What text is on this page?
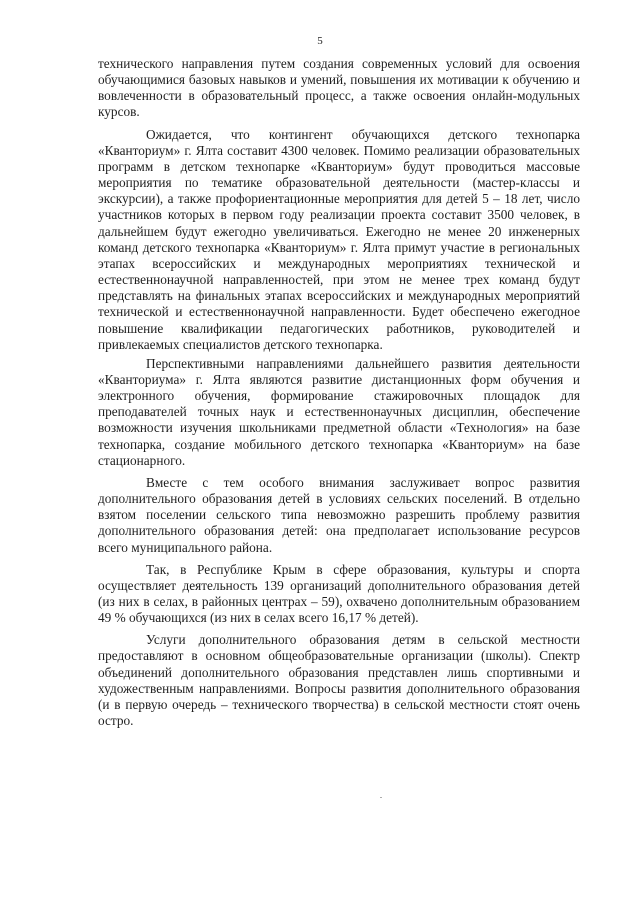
5

технического направления путем создания современных условий для освоения обучающимися базовых навыков и умений, повышения их мотивации к обучению и вовлеченности в образовательный процесс, а также освоения онлайн-модульных курсов.

Ожидается, что контингент обучающихся детского технопарка «Кванториум» г. Ялта составит 4300 человек. Помимо реализации образовательных программ в детском технопарке «Кванториум» будут проводиться массовые мероприятия по тематике образовательной деятельности (мастер-классы и экскурсии), а также профориентационные мероприятия для детей 5 – 18 лет, число участников которых в первом году реализации проекта составит 3500 человек, в дальнейшем будут ежегодно увеличиваться. Ежегодно не менее 20 инженерных команд детского технопарка «Кванториум» г. Ялта примут участие в региональных этапах всероссийских и международных мероприятиях технической и естественнонаучной направленностей, при этом не менее трех команд будут представлять на финальных этапах всероссийских и международных мероприятий технической и естественнонаучной направленности. Будет обеспечено ежегодное повышение квалификации педагогических работников, руководителей и привлекаемых специалистов детского технопарка.

Перспективными направлениями дальнейшего развития деятельности «Кванториума» г. Ялта являются развитие дистанционных форм обучения и электронного обучения, формирование стажировочных площадок для преподавателей точных наук и естественнонаучных дисциплин, обеспечение возможности изучения школьниками предметной области «Технология» на базе технопарка, создание мобильного детского технопарка «Кванториум» на базе стационарного.

Вместе с тем особого внимания заслуживает вопрос развития дополнительного образования детей в условиях сельских поселений. В отдельно взятом поселении сельского типа невозможно разрешить проблему развития дополнительного образования детей: она предполагает использование ресурсов всего муниципального района.

Так, в Республике Крым в сфере образования, культуры и спорта осуществляет деятельность 139 организаций дополнительного образования детей (из них в селах, в районных центрах – 59), охвачено дополнительным образованием 49 % обучающихся (из них в селах всего 16,17 % детей).

Услуги дополнительного образования детям в сельской местности предоставляют в основном общеобразовательные организации (школы). Спектр объединений дополнительного образования представлен лишь спортивными и художественным направлениями. Вопросы развития дополнительного образования (и в первую очередь – технического творчества) в сельской местности стоят очень остро.
